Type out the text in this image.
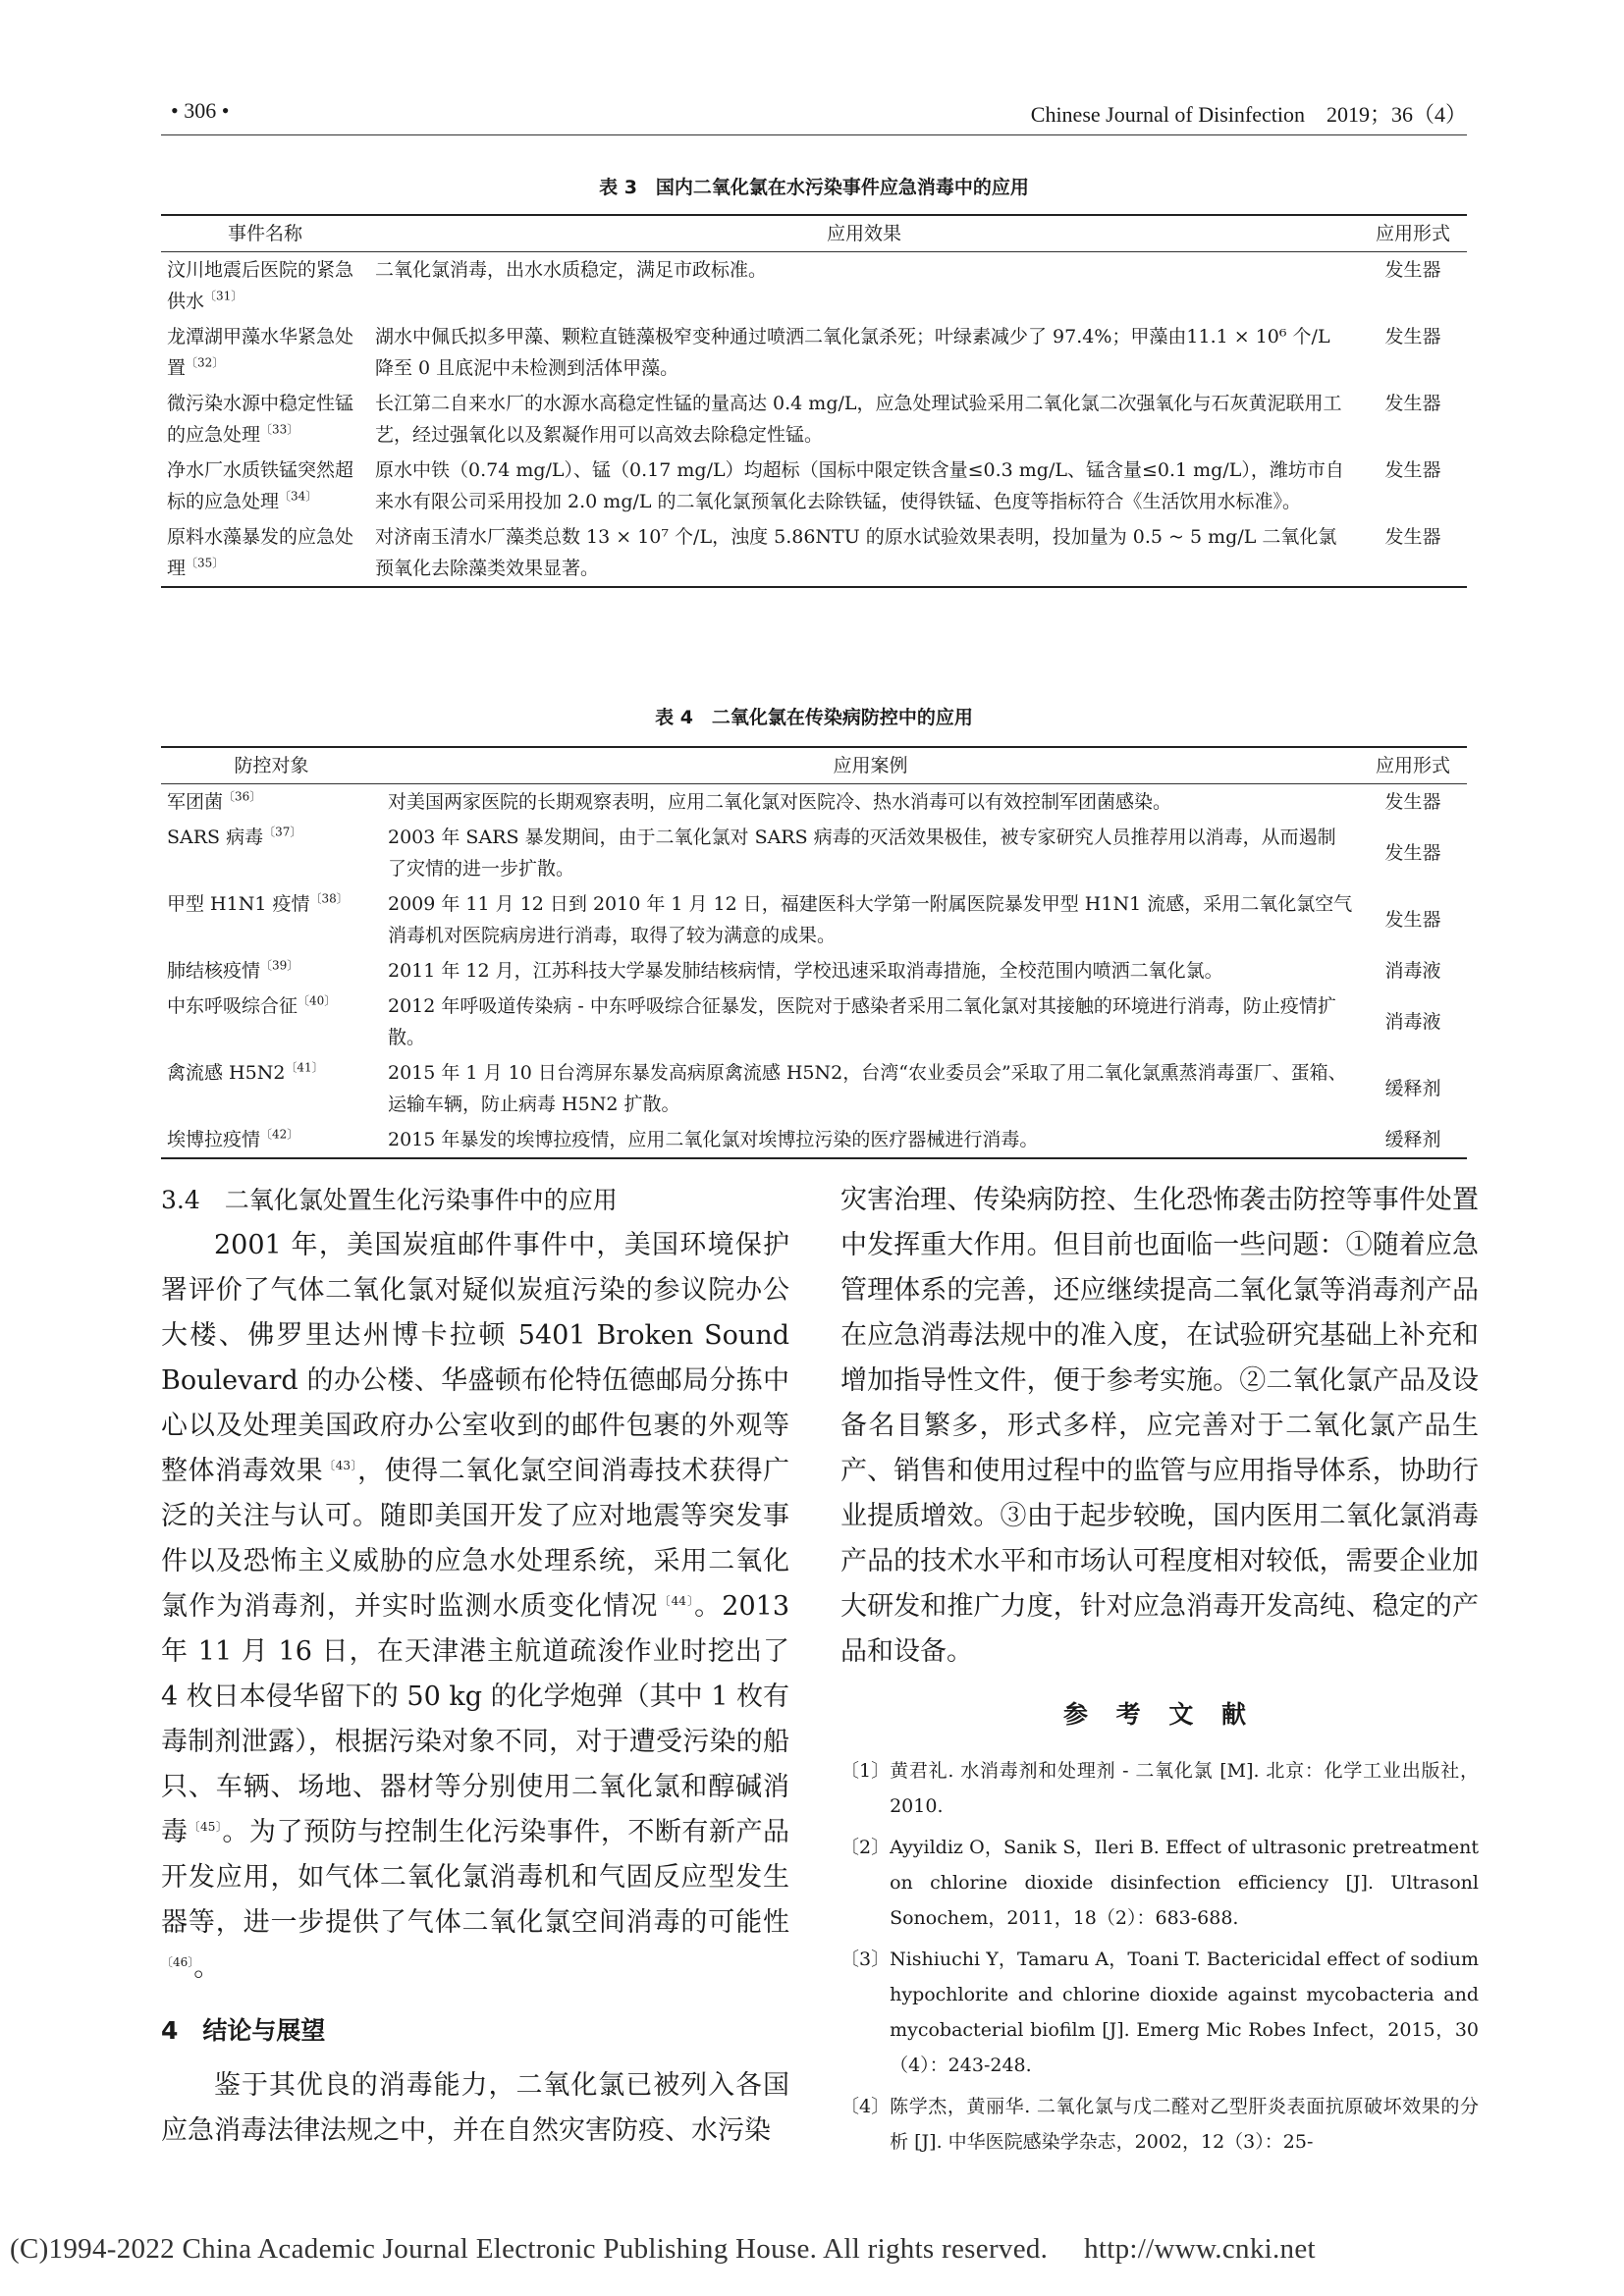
• 306 •	Chinese Journal of Disinfection　2019；36（4）
表 3　国内二氧化氯在水污染事件应急消毒中的应用
事件名称	应用效果	应用形式
汶川地震后医院的紧急供水$^{〔31〕}$	二氧化氯消毒，出水水质稳定，满足市政标准。	发生器
龙潭湖甲藻水华紧急处置$^{〔32〕}$	湖水中佩氏拟多甲藻、颗粒直链藻极窄变种通过喷洒二氧化氯杀死；叶绿素减少了 97.4%；甲藻由11.1 × 10⁶ 个/L 降至 0 且底泥中未检测到活体甲藻。	发生器
微污染水源中稳定性锰的应急处理$^{〔33〕}$	长江第二自来水厂的水源水高稳定性锰的量高达 0.4 mg/L，应急处理试验采用二氧化氯二次强氧化与石灰黄泥联用工艺，经过强氧化以及絮凝作用可以高效去除稳定性锰。	发生器
净水厂水质铁锰突然超标的应急处理$^{〔34〕}$	原水中铁（0.74 mg/L）、锰（0.17 mg/L）均超标（国标中限定铁含量≤0.3 mg/L、锰含量≤0.1 mg/L），潍坊市自来水有限公司采用投加 2.0 mg/L 的二氧化氯预氧化去除铁锰，使得铁锰、色度等指标符合《生活饮用水标准》。	发生器
原料水藻暴发的应急处理$^{〔35〕}$	对济南玉清水厂藻类总数 13 × 10⁷ 个/L，浊度 5.86NTU 的原水试验效果表明，投加量为 0.5 ~ 5 mg/L 二氧化氯预氧化去除藻类效果显著。	发生器
表 4　二氧化氯在传染病防控中的应用
防控对象	应用案例	应用形式
军团菌$^{〔36〕}$	对美国两家医院的长期观察表明，应用二氧化氯对医院冷、热水消毒可以有效控制军团菌感染。	发生器
SARS 病毒$^{〔37〕}$	2003 年 SARS 暴发期间，由于二氧化氯对 SARS 病毒的灭活效果极佳，被专家研究人员推荐用以消毒，从而遏制了灾情的进一步扩散。	发生器
甲型 H1N1 疫情$^{〔38〕}$	2009 年 11 月 12 日到 2010 年 1 月 12 日，福建医科大学第一附属医院暴发甲型 H1N1 流感，采用二氧化氯空气消毒机对医院病房进行消毒，取得了较为满意的成果。	发生器
肺结核疫情$^{〔39〕}$	2011 年 12 月，江苏科技大学暴发肺结核病情，学校迅速采取消毒措施，全校范围内喷洒二氧化氯。	消毒液
中东呼吸综合征$^{〔40〕}$	2012 年呼吸道传染病 - 中东呼吸综合征暴发，医院对于感染者采用二氧化氯对其接触的环境进行消毒，防止疫情扩散。	消毒液
禽流感 $H5N2^{〔41〕}$	2015 年 1 月 10 日台湾屏东暴发高病原禽流感 H5N2，台湾“农业委员会”采取了用二氧化氯熏蒸消毒蛋厂、蛋箱、运输车辆，防止病毒 H5N2 扩散。	缓释剂
埃博拉疫情$^{〔42〕}$	2015 年暴发的埃博拉疫情，应用二氧化氯对埃博拉污染的医疗器械进行消毒。	缓释剂
3.4　二氧化氯处置生化污染事件中的应用

2001 年，美国炭疽邮件事件中，美国环境保护署评价了气体二氧化氯对疑似炭疽污染的参议院办公大楼、佛罗里达州博卡拉顿 5401 Broken Sound Boulevard 的办公楼、华盛顿布伦特伍德邮局分拣中心以及处理美国政府办公室收到的邮件包裹的外观等整体消毒效果$^{〔43〕}$，使得二氧化氯空间消毒技术获得广泛的关注与认可。随即美国开发了应对地震等突发事件以及恐怖主义威胁的应急水处理系统，采用二氧化氯作为消毒剂，并实时监测水质变化情况$^{〔44〕}$。2013 年 11 月 16 日，在天津港主航道疏浚作业时挖出了 4 枚日本侵华留下的 50 kg 的化学炮弹（其中 1 枚有毒制剂泄露），根据污染对象不同，对于遭受污染的船只、车辆、场地、器材等分别使用二氧化氯和醇碱消毒$^{〔45〕}$。为了预防与控制生化污染事件，不断有新产品开发应用，如气体二氧化氯消毒机和气固反应型发生器等，进一步提供了气体二氧化氯空间消毒的可能性$^{〔46〕}$。

4　结论与展望

鉴于其优良的消毒能力，二氧化氯已被列入各国应急消毒法律法规之中，并在自然灾害防疫、水污染

灾害治理、传染病防控、生化恐怖袭击防控等事件处置中发挥重大作用。但目前也面临一些问题：①随着应急管理体系的完善，还应继续提高二氧化氯等消毒剂产品在应急消毒法规中的准入度，在试验研究基础上补充和增加指导性文件，便于参考实施。②二氧化氯产品及设备名目繁多，形式多样，应完善对于二氧化氯产品生产、销售和使用过程中的监管与应用指导体系，协助行业提质增效。③由于起步较晚，国内医用二氧化氯消毒产品的技术水平和市场认可程度相对较低，需要企业加大研发和推广力度，针对应急消毒开发高纯、稳定的产品和设备。

参 考 文 献
〔1〕 黄君礼. 水消毒剂和处理剂 - 二氧化氯 [M]. 北京：化学工业出版社，2010.
〔2〕 Ayyildiz O，Sanik S，Ileri B. Effect of ultrasonic pretreatment on chlorine dioxide disinfection efficiency [J]. Ultrasonl Sonochem，2011，18（2）：683-688.
〔3〕 Nishiuchi Y，Tamaru A，Toani T. Bactericidal effect of sodium hypochlorite and chlorine dioxide against mycobacteria and mycobacterial biofilm [J]. Emerg Mic Robes Infect，2015，30（4）：243-248.
〔4〕 陈学杰，黄丽华. 二氧化氯与戊二醛对乙型肝炎表面抗原破坏效果的分析 [J]. 中华医院感染学杂志，2002，12（3）：25-
(C)1994-2022 China Academic Journal Electronic Publishing House. All rights reserved.　 http://www.cnki.net
